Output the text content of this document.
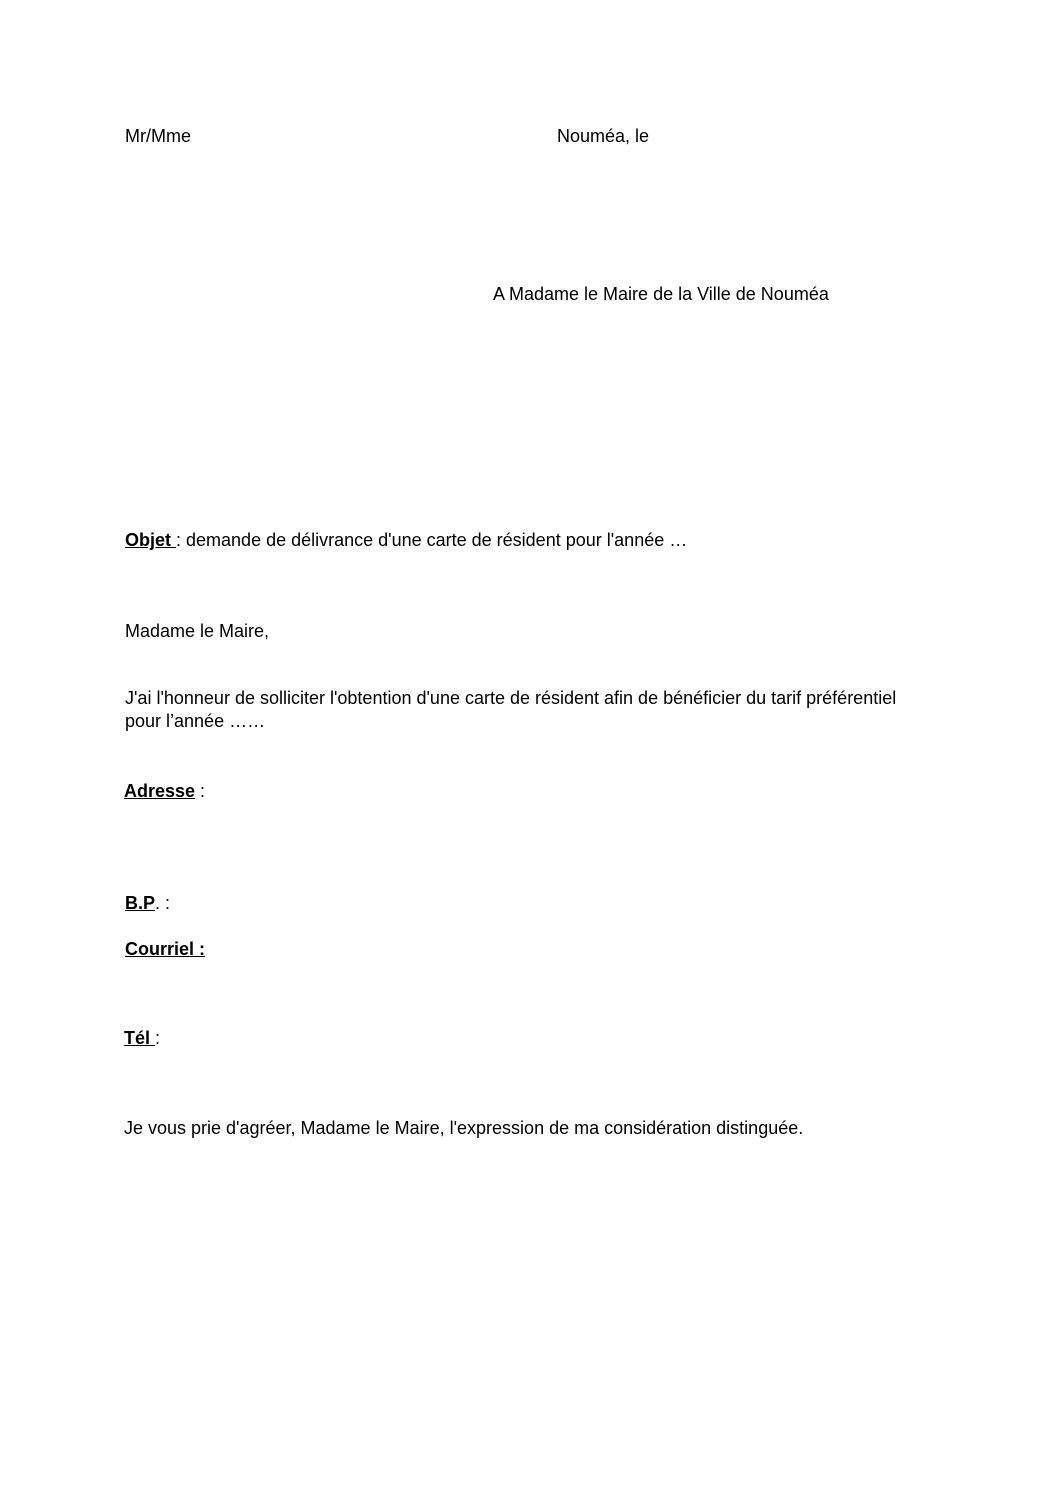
Mr/Mme	Nouméa, le
A Madame le Maire de la Ville de Nouméa
Objet : demande de délivrance d'une carte de résident pour l'année …
Madame le Maire,
J'ai l'honneur de solliciter l'obtention d'une carte de résident afin de bénéficier du tarif préférentiel
pour l’année ……
Adresse :
B.P. :
Courriel :
Tél :
Je vous prie d'agréer, Madame le Maire, l'expression de ma considération distinguée.
